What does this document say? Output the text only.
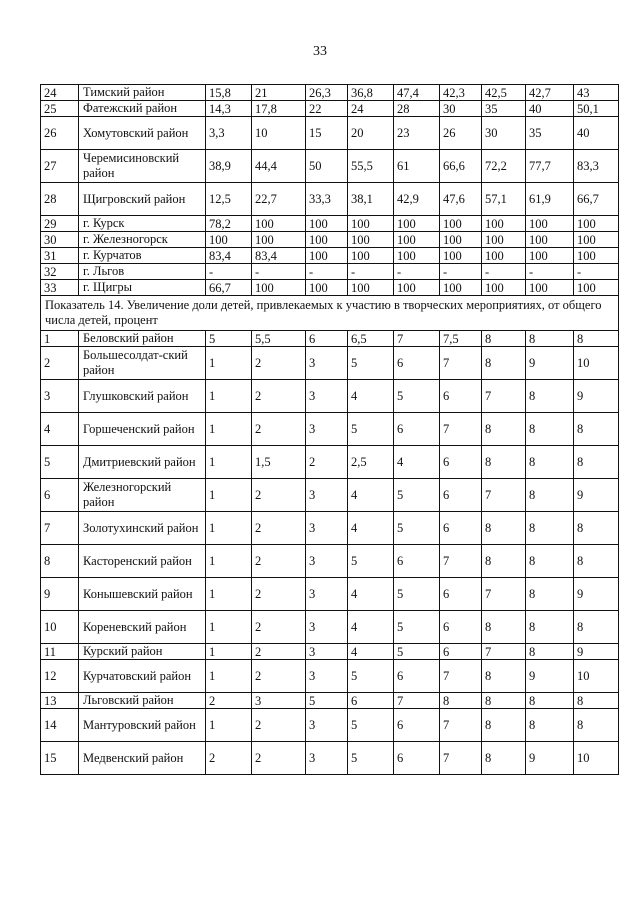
33
24	Тимский район	15,8	21	26,3	36,8	47,4	42,3	42,5	42,7	43
25	Фатежский район	14,3	17,8	22	24	28	30	35	40	50,1
26	Хомутовский район	3,3	10	15	20	23	26	30	35	40
27	Черемисиновский район	38,9	44,4	50	55,5	61	66,6	72,2	77,7	83,3
28	Щигровский район	12,5	22,7	33,3	38,1	42,9	47,6	57,1	61,9	66,7
29	г. Курск	78,2	100	100	100	100	100	100	100	100
30	г. Железногорск	100	100	100	100	100	100	100	100	100
31	г. Курчатов	83,4	83,4	100	100	100	100	100	100	100
32	г. Льгов	-	-	-	-	-	-	-	-	-
33	г. Щигры	66,7	100	100	100	100	100	100	100	100
Показатель 14. Увеличение доли детей, привлекаемых к участию в творческих мероприятиях, от общего числа детей, процент										
1	Беловский район	5	5,5	6	6,5	7	7,5	8	8	8
2	Большесолдат-ский район	1	2	3	5	6	7	8	9	10
3	Глушковский район	1	2	3	4	5	6	7	8	9
4	Горшеченский район	1	2	3	5	6	7	8	8	8
5	Дмитриевский район	1	1,5	2	2,5	4	6	8	8	8
6	Железногорский район	1	2	3	4	5	6	7	8	9
7	Золотухинский район	1	2	3	4	5	6	8	8	8
8	Касторенский район	1	2	3	5	6	7	8	8	8
9	Конышевский район	1	2	3	4	5	6	7	8	9
10	Кореневский район	1	2	3	4	5	6	8	8	8
11	Курский район	1	2	3	4	5	6	7	8	9
12	Курчатовский район	1	2	3	5	6	7	8	9	10
13	Льговский район	2	3	5	6	7	8	8	8	8
14	Мантуровский район	1	2	3	5	6	7	8	8	8
15	Медвенский район	2	2	3	5	6	7	8	9	10
